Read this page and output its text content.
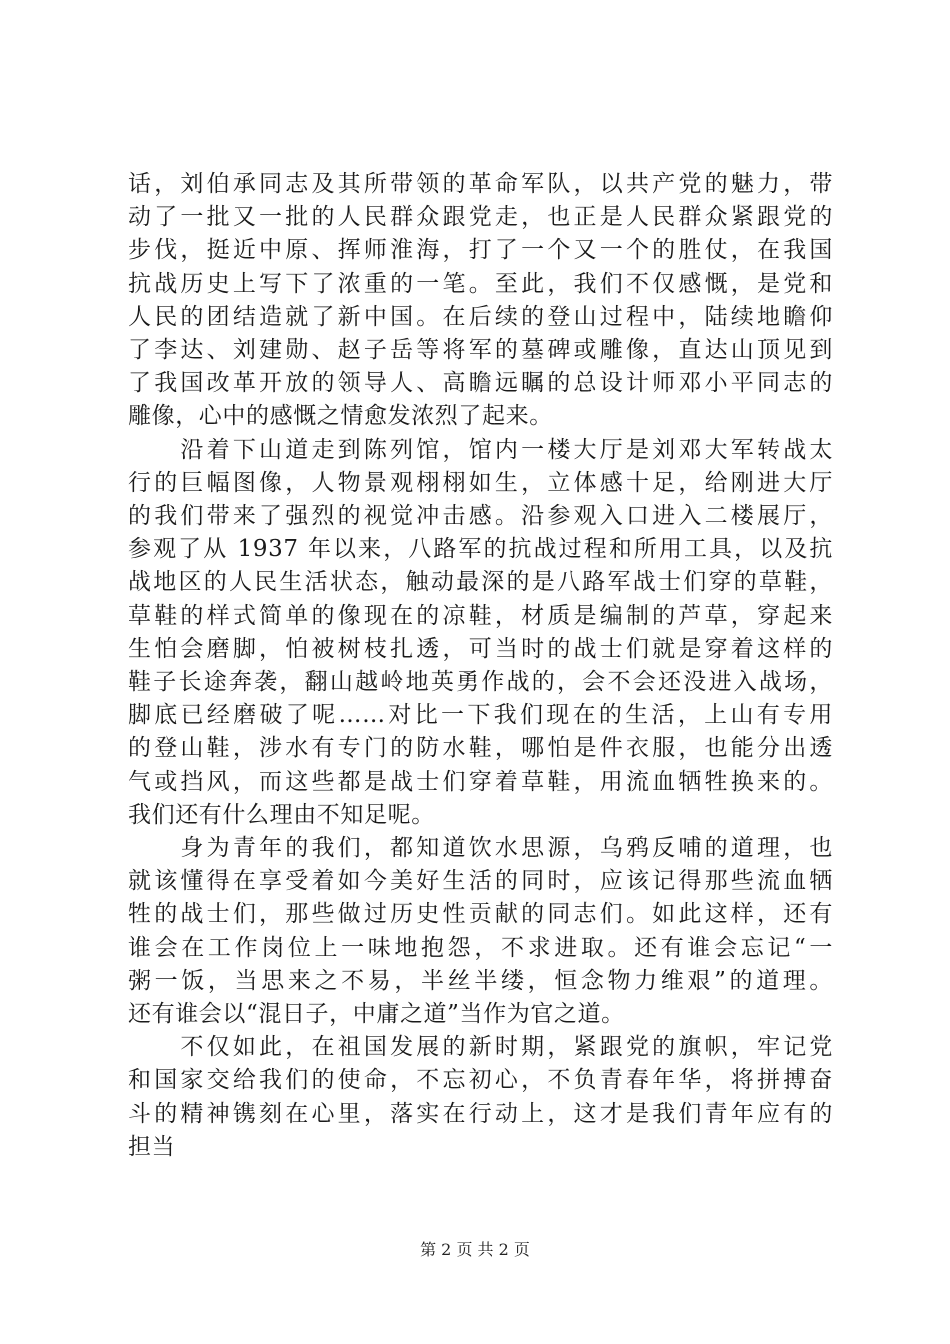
话，刘伯承同志及其所带领的革命军队，以共产党的魅力，带
动了一批又一批的人民群众跟党走，也正是人民群众紧跟党的
步伐，挺近中原、挥师淮海，打了一个又一个的胜仗，在我国
抗战历史上写下了浓重的一笔。至此，我们不仅感慨，是党和
人民的团结造就了新中国。在后续的登山过程中，陆续地瞻仰
了李达、刘建勋、赵子岳等将军的墓碑或雕像，直达山顶见到
了我国改革开放的领导人、高瞻远瞩的总设计师邓小平同志的
雕像，心中的感慨之情愈发浓烈了起来。

　　沿着下山道走到陈列馆，馆内一楼大厅是刘邓大军转战太
行的巨幅图像，人物景观栩栩如生，立体感十足，给刚进大厅
的我们带来了强烈的视觉冲击感。沿参观入口进入二楼展厅，
参观了从 1937 年以来，八路军的抗战过程和所用工具，以及抗
战地区的人民生活状态，触动最深的是八路军战士们穿的草鞋，
草鞋的样式简单的像现在的凉鞋，材质是编制的芦草，穿起来
生怕会磨脚，怕被树枝扎透，可当时的战士们就是穿着这样的
鞋子长途奔袭，翻山越岭地英勇作战的，会不会还没进入战场，
脚底已经磨破了呢……对比一下我们现在的生活，上山有专用
的登山鞋，涉水有专门的防水鞋，哪怕是件衣服，也能分出透
气或挡风，而这些都是战士们穿着草鞋，用流血牺牲换来的。
我们还有什么理由不知足呢。

　　身为青年的我们，都知道饮水思源，乌鸦反哺的道理，也
就该懂得在享受着如今美好生活的同时，应该记得那些流血牺
牲的战士们，那些做过历史性贡献的同志们。如此这样，还有
谁会在工作岗位上一味地抱怨，不求进取。还有谁会忘记“一
粥一饭，当思来之不易，半丝半缕，恒念物力维艰”的道理。
还有谁会以“混日子，中庸之道”当作为官之道。

　　不仅如此，在祖国发展的新时期，紧跟党的旗帜，牢记党
和国家交给我们的使命，不忘初心，不负青春年华，将拼搏奋
斗的精神镌刻在心里，落实在行动上，这才是我们青年应有的
担当

第 2 页 共 2 页
